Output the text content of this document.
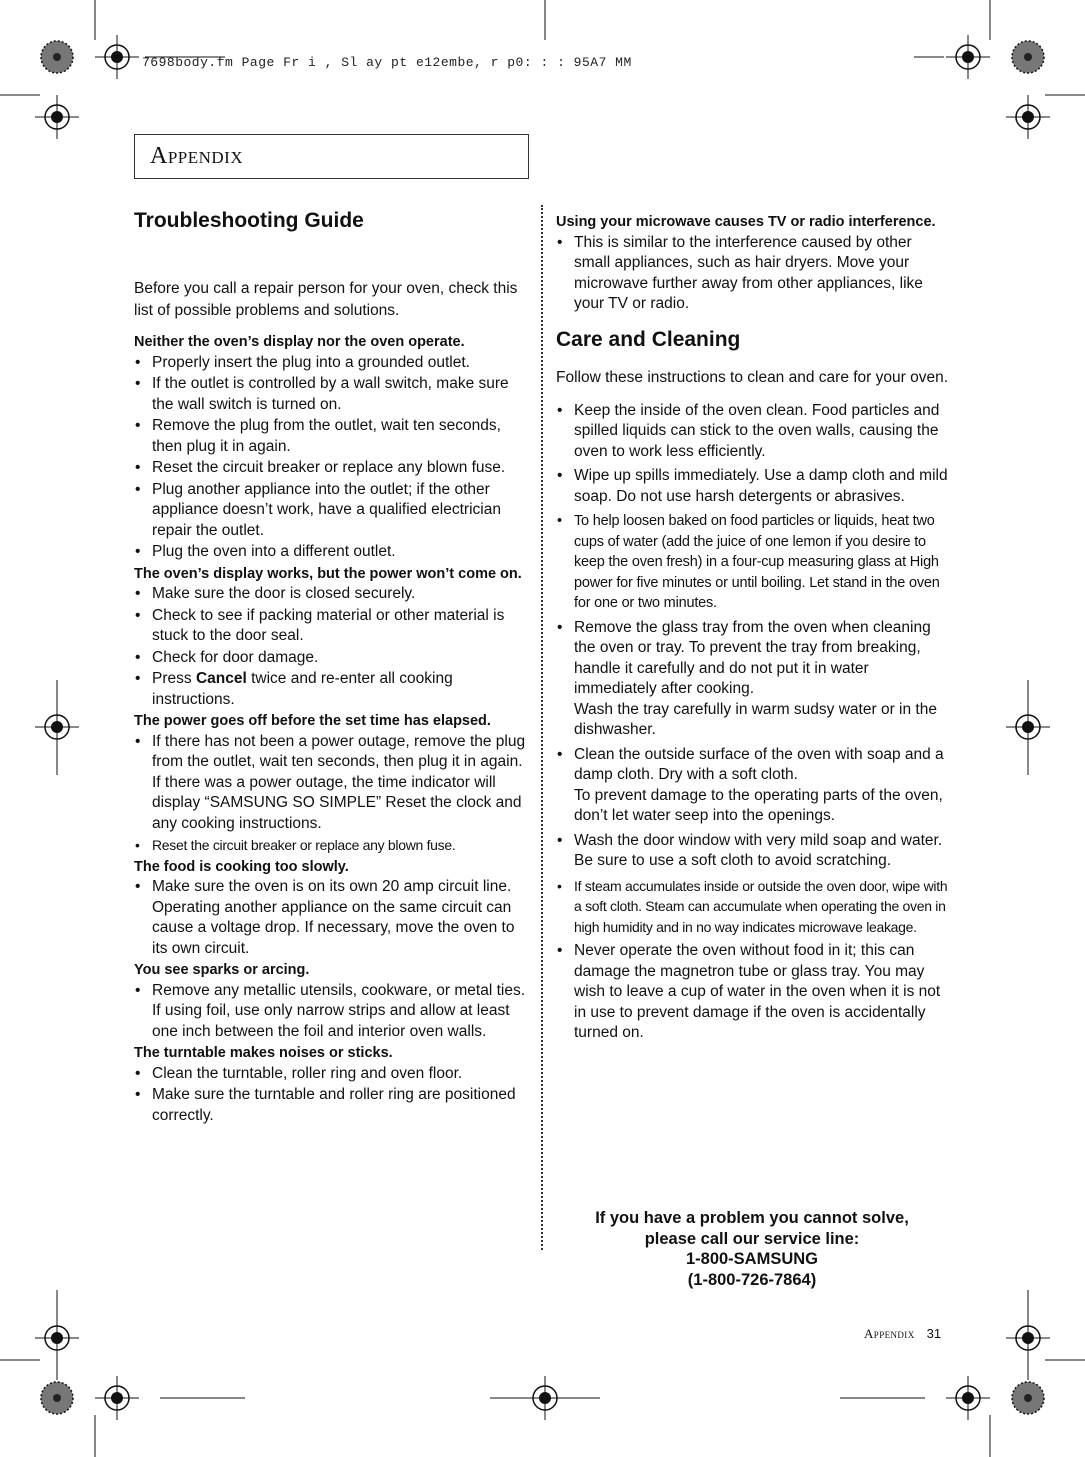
7698body.fm Page Fr i , Sl ay pt e12embe, r p0: : : 95A7 MM
Appendix
Troubleshooting Guide

Before you call a repair person for your oven, check this list of possible problems and solutions.

Neither the oven’s display nor the oven operate.

• Properly insert the plug into a grounded outlet.
• If the outlet is controlled by a wall switch, make sure the wall switch is turned on.
• Remove the plug from the outlet, wait ten seconds, then plug it in again.
• Reset the circuit breaker or replace any blown fuse.
• Plug another appliance into the outlet; if the other appliance doesn’t work, have a qualified electrician repair the outlet.
• Plug the oven into a different outlet.

The oven’s display works, but the power won’t come on.

• Make sure the door is closed securely.
• Check to see if packing material or other material is stuck to the door seal.
• Check for door damage.
• Press Cancel twice and re-enter all cooking instructions.

The power goes off before the set time has elapsed.

• If there has not been a power outage, remove the plug from the outlet, wait ten seconds, then plug it in again. If there was a power outage, the time indicator will display “SAMSUNG SO SIMPLE” Reset the clock and any cooking instructions.
• Reset the circuit breaker or replace any blown fuse.

The food is cooking too slowly.

• Make sure the oven is on its own 20 amp circuit line. Operating another appliance on the same circuit can cause a voltage drop. If necessary, move the oven to its own circuit.

You see sparks or arcing.

• Remove any metallic utensils, cookware, or metal ties. If using foil, use only narrow strips and allow at least one inch between the foil and interior oven walls.

The turntable makes noises or sticks.

• Clean the turntable, roller ring and oven floor.
• Make sure the turntable and roller ring are positioned correctly.

Using your microwave causes TV or radio interference.

• This is similar to the interference caused by other small appliances, such as hair dryers. Move your microwave further away from other appliances, like your TV or radio.
Care and Cleaning

Follow these instructions to clean and care for your oven.

• Keep the inside of the oven clean. Food particles and spilled liquids can stick to the oven walls, causing the oven to work less efficiently.
• Wipe up spills immediately. Use a damp cloth and mild soap. Do not use harsh detergents or abrasives.
• To help loosen baked on food particles or liquids, heat two cups of water (add the juice of one lemon if you desire to keep the oven fresh) in a four-cup measuring glass at High power for five minutes or until boiling. Let stand in the oven for one or two minutes.
• Remove the glass tray from the oven when cleaning the oven or tray. To prevent the tray from breaking, handle it carefully and do not put it in water immediately after cooking.
Wash the tray carefully in warm sudsy water or in the dishwasher.
• Clean the outside surface of the oven with soap and a damp cloth. Dry with a soft cloth.
To prevent damage to the operating parts of the oven, don’t let water seep into the openings.
• Wash the door window with very mild soap and water. Be sure to use a soft cloth to avoid scratching.
• If steam accumulates inside or outside the oven door, wipe with a soft cloth. Steam can accumulate when operating the oven in high humidity and in no way indicates microwave leakage.
• Never operate the oven without food in it; this can damage the magnetron tube or glass tray. You may wish to leave a cup of water in the oven when it is not in use to prevent damage if the oven is accidentally turned on.
If you have a problem you cannot solve,
please call our service line:
1-800-SAMSUNG
(1-800-726-7864)
Appendix 31
